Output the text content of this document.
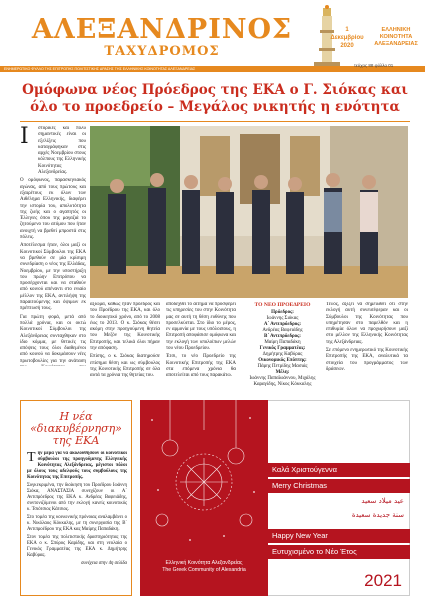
ΑΛΕΞΑΝΔΡΙΝΟΣ
ΤΑΧΥΔΡΟΜΟΣ
1 Δεκεμβρίου
2020
ΕΛΛΗΝΙΚΗ ΚΟΙΝΟΤΗΤΑ ΑΛΕΞΑΝΔΡΕΙΑΣ
ΕΝΗΜΕΡΩΤΙΚΟ ΦΥΛΛΟ ΤΗΣ ΕΠΙΤΡΟΠΗΣ ΠΟΛΙΤΙΣΤΙΚΗΣ ΔΡΑΣΗΣ ΤΗΣ ΕΛΛΗΝΙΚΗΣ ΚΟΙΝΟΤΗΤΑΣ ΑΛΕΞΑΝΔΡΕΙΑΣ
τεύχος 88 φύλλο 01
Ομόφωνα νέος Πρόεδρος της ΕΚΑ ο Γ. Σιόκας και όλο το προεδρείο – Μεγάλος νικητής η ενότητα
Ι στορικές και πολύ σημαντικές είναι οι εξελίξεις που καταγράφηκαν στις αρχές Νοεμβρίου στους κόλπους της Ελληνικής Κοινότητας Αλεξανδρείας.

Ο ομόφωνος, παρασκηνιακός αγώνας, από τους πρώτους και εξαιρέτους εκ όλων των Αιθέλημα Ελληνικής, διαφέρει την ιστορία του, απολυτότητα της ζωής και ο αγαπητός οι Έλληνες όπου της μαγαζιά το ζητούμενο του ατόμου που ήταν ανοιχτή να βρεθεί μπροστά στις πόλεις.

Αποτέλεσμα ήταν, όλοι μαζί οι Κοινοτικοί Σύμβουλοι της ΕΚΑ να βρεθούν σε μία κρίσιμη συνεδρίαση ο νέος της Ελλάδας, Νοεμβρίου, με την υποστήριξη του πρώην Επιτρόπου να προσέρχονται και να σταθούν από κοινού απέναντι στο ενιαίο μέλλον της ΕΚΑ, αντιλήψη της παραιτούμενης και όψιμων εκ πρέπτωσή τους.

Για πρώτη φορά, μετά από πολλά χρόνια, και οι οκτώ Κοινοτικοί Σύμβουλοι της Αλεξάνδρειας συνταχθηκαν στο ίδιο κόμμα, με θετικές τις απόψεις τους όλοι διαθεμένοι από κοινού να δοκιμάσουν νέες πρωτοβουλίες για την ανάταση

αξίωμα, καθώς ήταν πρόεδρος και του Προέδρου της ΕΚΑ, και όλο το διοικητικό χρόνο, από το 2008 έως το 2013. Ο κ. Σιόκας θέσει ακόμη στην προηγούμενη θητεία του Μεζόν της Κοινοτικής Επιτροπής, και τελικά όλοι πήραν την απόφαση.

Επίσης, ο κ. Σιόκας διατηρούσε επίσημα θέση και ως σύμβουλος της Κοινοτικής Επιτροπής σε όλα αυτά τα χρόνια της θητείας του.

αποδεχθεί το αίτημα να προσφέρει τις υπηρεσίες του στην Κοινότητα μας σε αυτή τη θέση ευθύνης που προσελκύεται. Στο ίδιο το μέρος, εν αρμονία με τους υπόλοιπους, η Επιτροπή αποφάσισε ομόφωνα και την εκλογή των υπολοίπων μελών του νέου Προεδρείου.

Έτσι, το νέο Προεδρείο της Κοινοτικής Επιτροπής της ΕΚΑ στα επόμενα χρόνια θα αποτελείται από τους παρακάτω.

ΤΟ ΝΕΟ ΠΡΟΕΔΡΕΙΟ
Πρόεδρος:
Ιωάννης Σιόκας
Α΄ Αντιπρόεδρος:
Ανδρέας Βαφειάδης
Β΄ Αντιπρόεδρος:
Μαίρη Παπαδάκη
Γενικός Γραμματέας:
Δημήτρης Καβύρας
Οικονομικός Επόπτης:
Πάρης Πετρίδης Μασιάς
Μέλη:
Ιωάννης Παπαϊωάννου, Μιχάλης Καραγίδης, Νίκος Κόκκαλης

Τέλος, αξίζει να σημειωθεί ότι στην εκλογή αυτή συνεισέφεραν και οι Σύμβουλοι της Κοινότητας που υπηρέτησαν στο παρελθόν και η επιθυμία όλων να προχωρήσουν μαζί στο μέλλον της Ελληνικής Κοινότητας της Αλεξάνδρειας.

Σε επόμενο ενημερωτικό της Κοινοτικής Επιτροπής της ΕΚΑ, αναλυτικά τα στοιχεία του προγράμματος των δράσεων.

Η νέα «διακυβέρνηση» της ΕΚΑ

Την μέρα για να ακολουθήσουν οι κοινοτικοί σύμβουλοι της προηγούμενης Ελληνικής Κοινότητας Αλεξάνδρειας, μέγιστοι πόλοι με όλους τους αδελφούς τους συμβούλους της Κοινότητας της Επιτροπής.

Συγκεκριμένα, την διοίκηση του Προέδρου Ιωάννη Σιόκα, ΑΝΑΣΤΑΣΙΑ συνεχίζουν οι Α΄ Αντιπρόεδρος της ΕΚΑ κ. Ανδρέας Βαφειάδης, συντονιζόμενοι από την εκλογή κανείς κοινοτικός κ. Τσιότσιος Κάτσιος.

Στο τομέα της κοινωνικής πρόνοιας αναλαμβάνει ο κ. Νικόλαος Κόκκαλης, με τη συνεργασία της Β΄ Αντιπροέδρου της ΕΚΑ κας Μαίρης Παπαδάκη.

Στον τομέα της πολιτιστικής δραστηριότητας της ΕΚΑ ο κ. Σπύρος Καρίδης, και στη νεολαία ο Γενικός Γραμματέας της ΕΚΑ κ. Δημήτρης Καβύρας.

συνέχεια στην 4η σελίδα	Ελληνική Κοινότητα Αλεξανδρείας
The Greek Community of Alexandria
Καλά Χριστούγεννα
Merry Christmas
عيد ميلاد سعيد
سنة جديدة سعيدة
Happy New Year
Ευτυχισμένο το Νέο Έτος
2021
